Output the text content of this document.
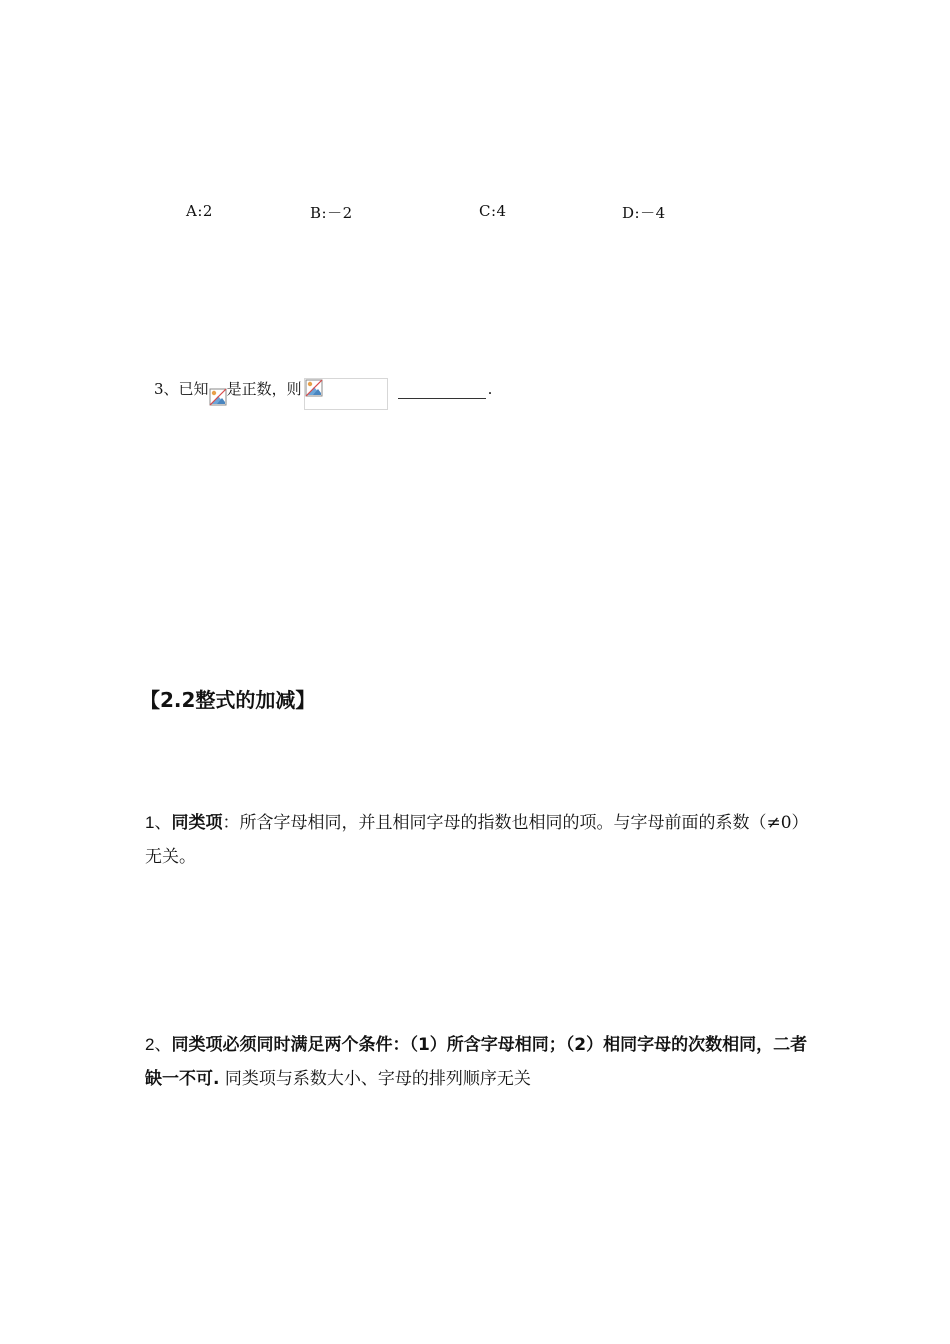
A:2	B:－2	C:4	D:－4
3、 已知 是正数，则	.
【2.2整式的加减】
1、同类项：所含字母相同，并且相同字母的指数也相同的项。与字母前面的系数（≠0）无关。
2、同类项必须同时满足两个条件：（1）所含字母相同；（2）相同字母的次数相同，二者缺一不可. 同类项与系数大小、字母的排列顺序无关
